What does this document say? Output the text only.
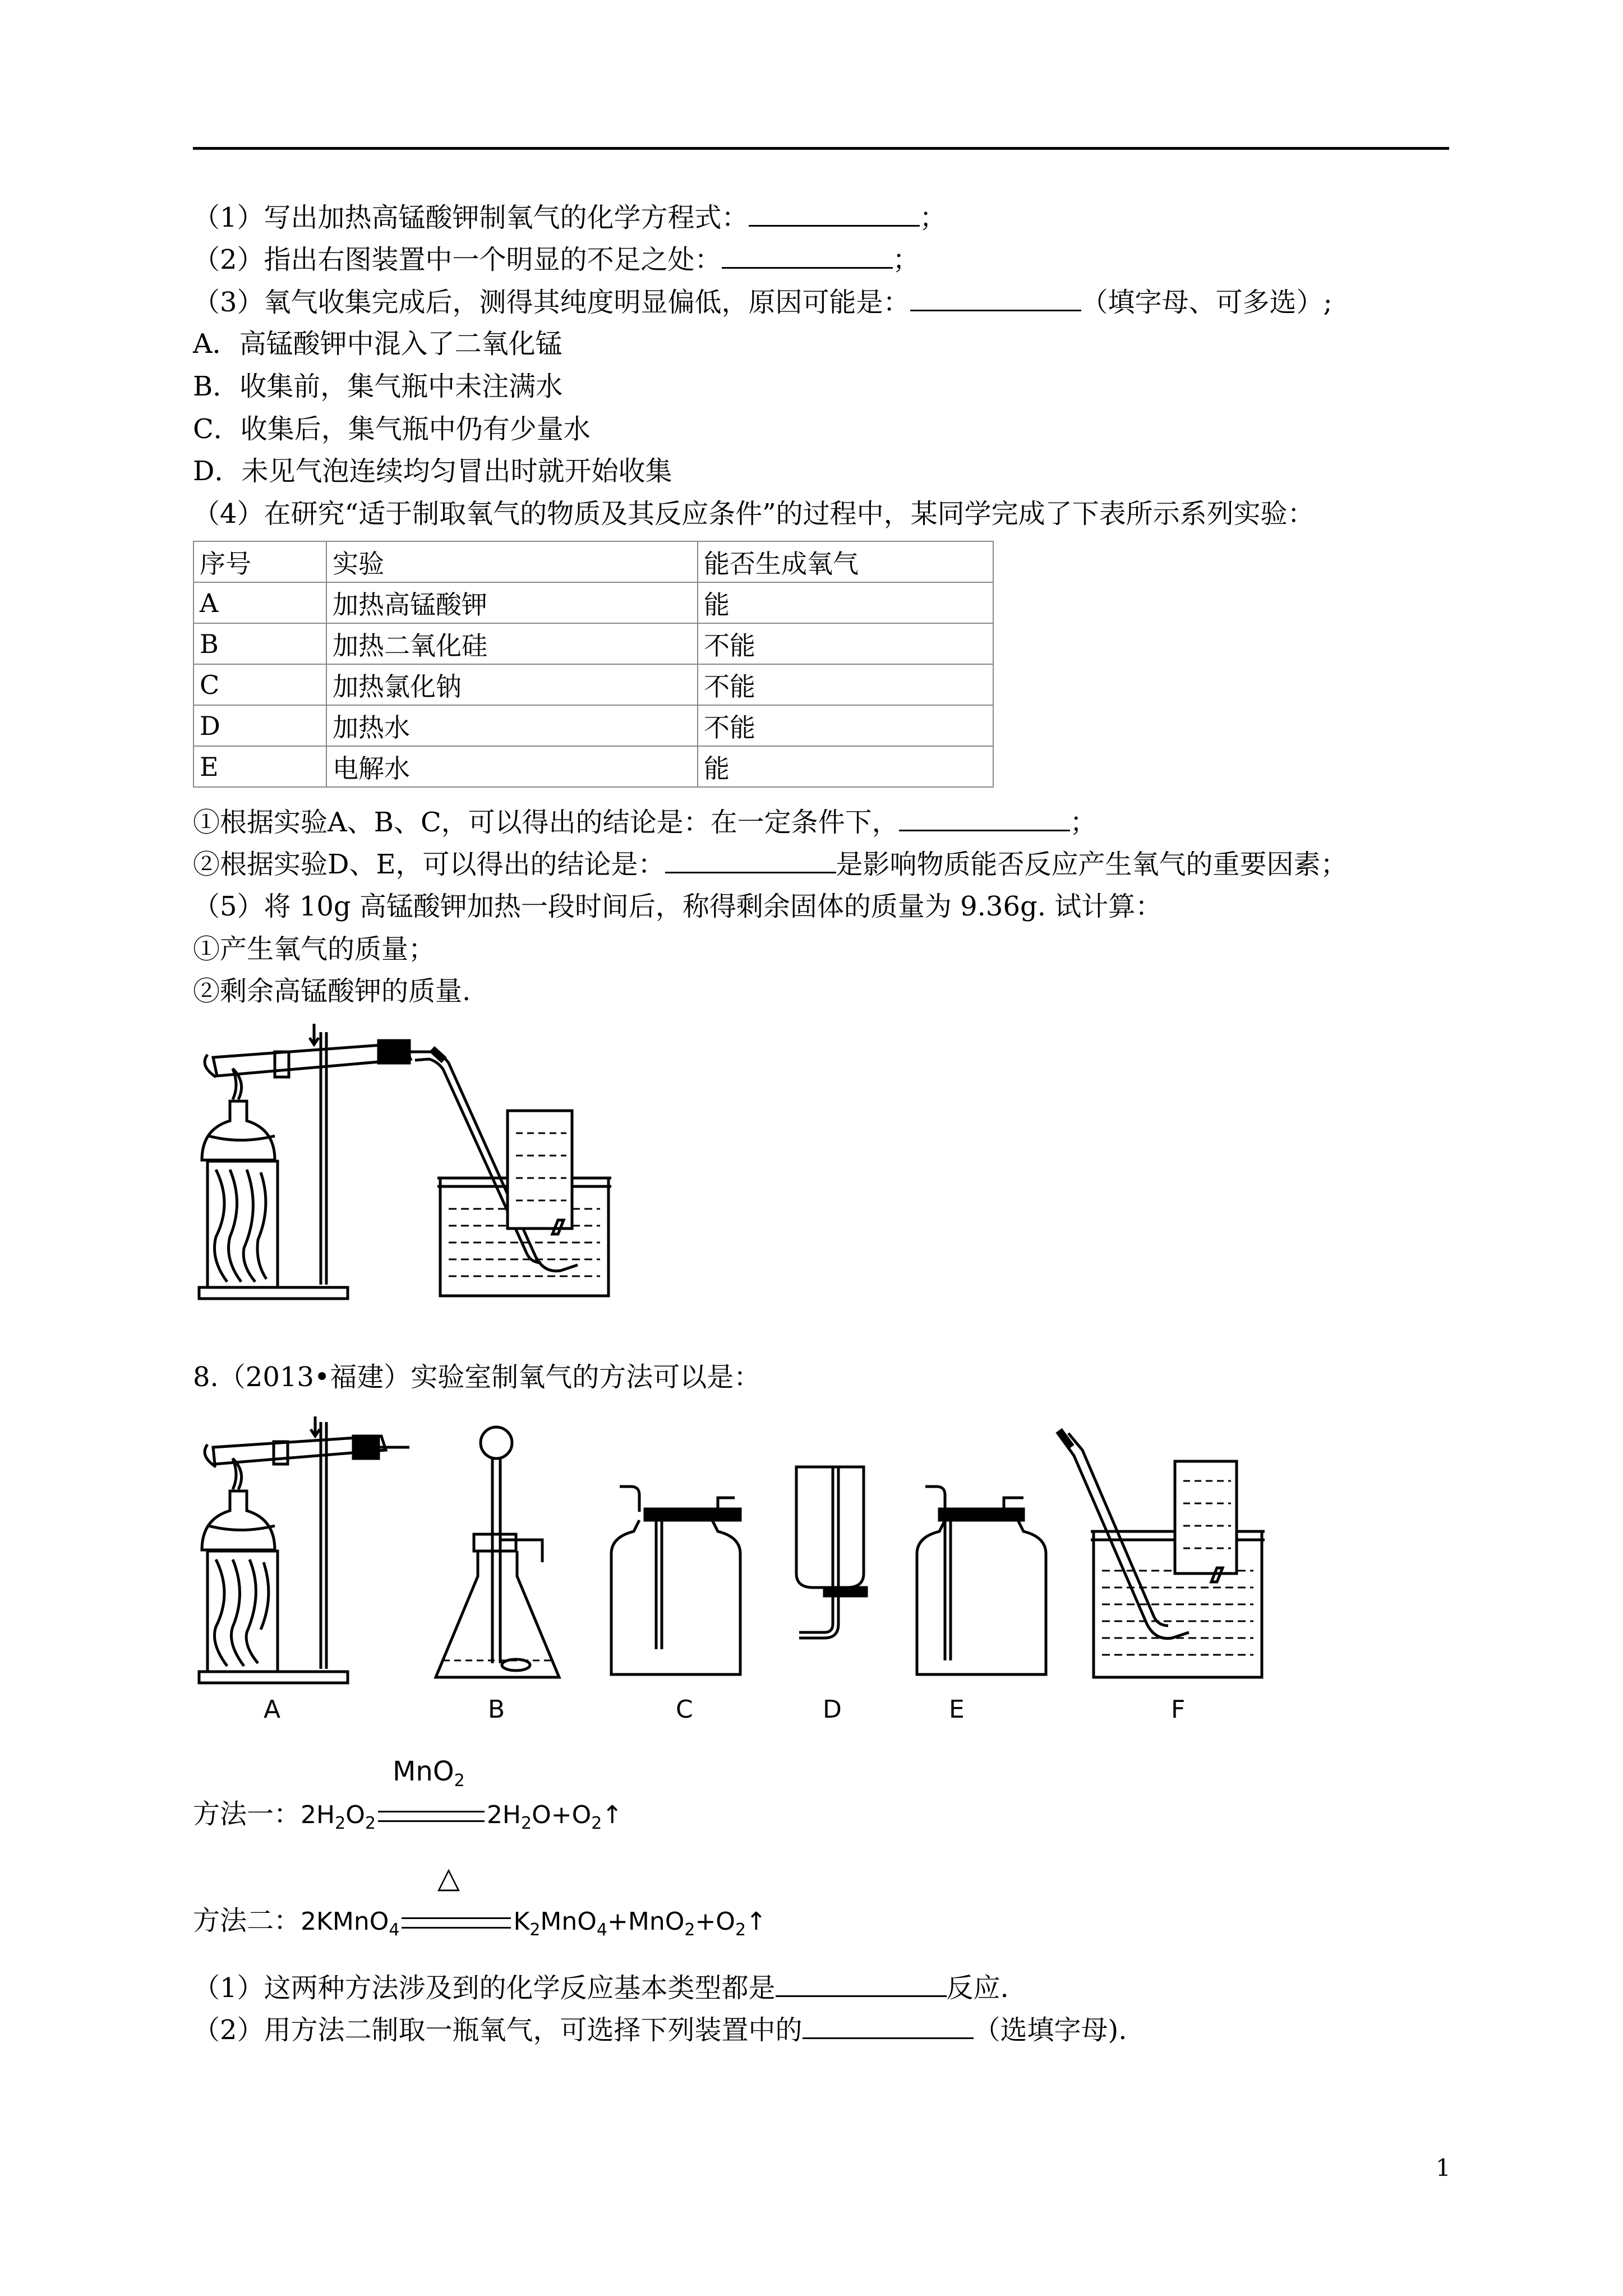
（1）写出加热高锰酸钾制氧气的化学方程式：	；
（2）指出右图装置中一个明显的不足之处：	；
（3）氧气收集完成后，测得其纯度明显偏低，原因可能是：	（填字母、可多选）;
A．高锰酸钾中混入了二氧化锰
B．收集前，集气瓶中未注满水
C．收集后，集气瓶中仍有少量水
D．未见气泡连续均匀冒出时就开始收集
（4）在研究“适于制取氧气的物质及其反应条件”的过程中，某同学完成了下表所示系列实验：
序号	实验	能否生成氧气
A	加热高锰酸钾	能
B	加热二氧化硅	不能
C	加热氯化钠	不能
D	加热水	不能
E	电解水	能
①根据实验A、B、C，可以得出的结论是：在一定条件下，	；
②根据实验D、E，可以得出的结论是：	是影响物质能否反应产生氧气的重要因素；
（5）将 10g 高锰酸钾加热一段时间后，称得剩余固体的质量为 9.36g. 试计算：
①产生氧气的质量；
②剩余高锰酸钾的质量.
8.（2013•福建）实验室制氧气的方法可以是：
A	B	C	D	E	F
方法一：$2H_2O_2$	$2H_2O+O_2↑$
MnO$_2$
方法二：2KMnO$_4$	$K_2MnO_4+MnO_2+O_2↑$
△
（1）这两种方法涉及到的化学反应基本类型都是	反应.
（2）用方法二制取一瓶氧气，可选择下列装置中的	（选填字母).
1
